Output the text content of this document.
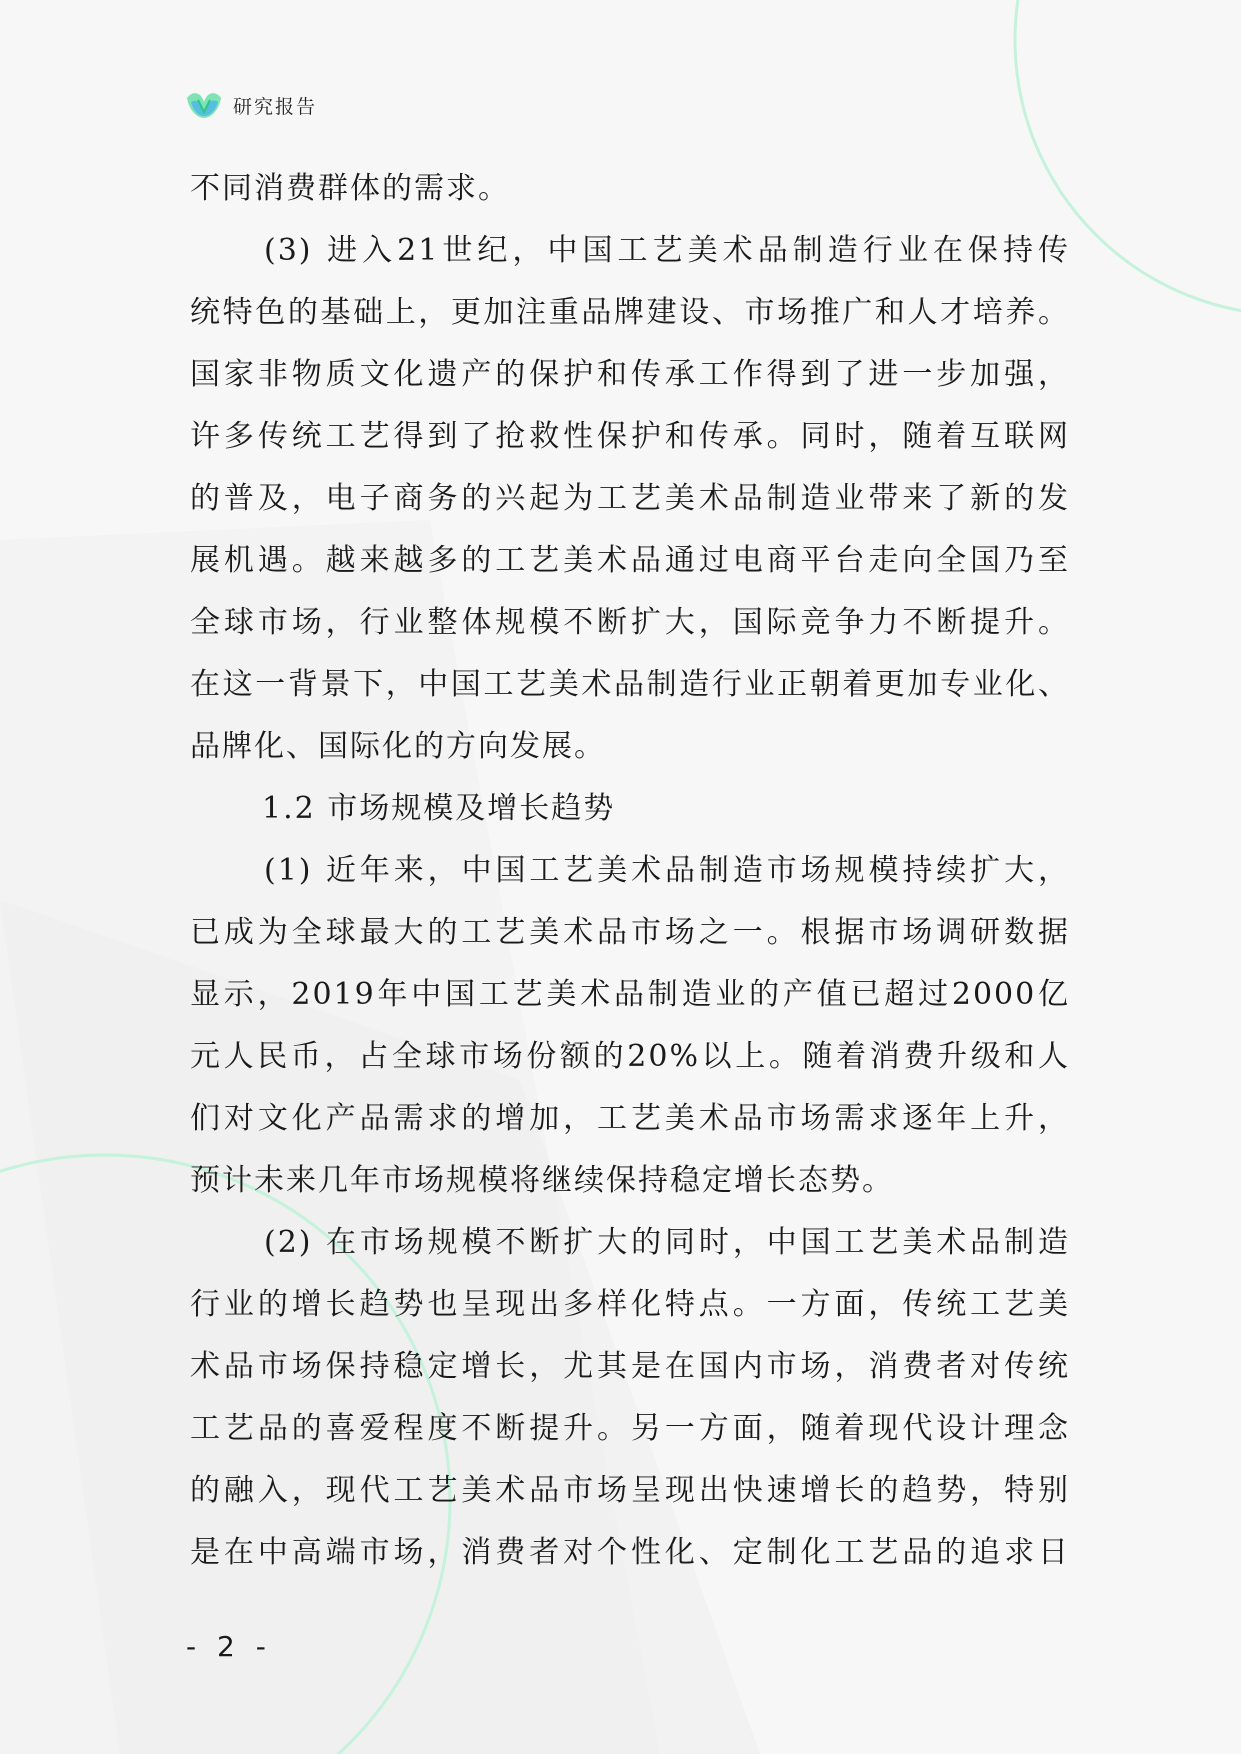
研究报告
不同消费群体的需求。
(3) 进入21世纪，中国工艺美术品制造行业在保持传
统特色的基础上，更加注重品牌建设、市场推广和人才培养。
国家非物质文化遗产的保护和传承工作得到了进一步加强，
许多传统工艺得到了抢救性保护和传承。同时，随着互联网
的普及，电子商务的兴起为工艺美术品制造业带来了新的发
展机遇。越来越多的工艺美术品通过电商平台走向全国乃至
全球市场，行业整体规模不断扩大，国际竞争力不断提升。
在这一背景下，中国工艺美术品制造行业正朝着更加专业化、
品牌化、国际化的方向发展。
1.2 市场规模及增长趋势
(1) 近年来，中国工艺美术品制造市场规模持续扩大，
已成为全球最大的工艺美术品市场之一。根据市场调研数据
显示，2019年中国工艺美术品制造业的产值已超过2000亿
元人民币，占全球市场份额的20%以上。随着消费升级和人
们对文化产品需求的增加，工艺美术品市场需求逐年上升，
预计未来几年市场规模将继续保持稳定增长态势。
(2) 在市场规模不断扩大的同时，中国工艺美术品制造
行业的增长趋势也呈现出多样化特点。一方面，传统工艺美
术品市场保持稳定增长，尤其是在国内市场，消费者对传统
工艺品的喜爱程度不断提升。另一方面，随着现代设计理念
的融入，现代工艺美术品市场呈现出快速增长的趋势，特别
是在中高端市场，消费者对个性化、定制化工艺品的追求日
- 2 -
